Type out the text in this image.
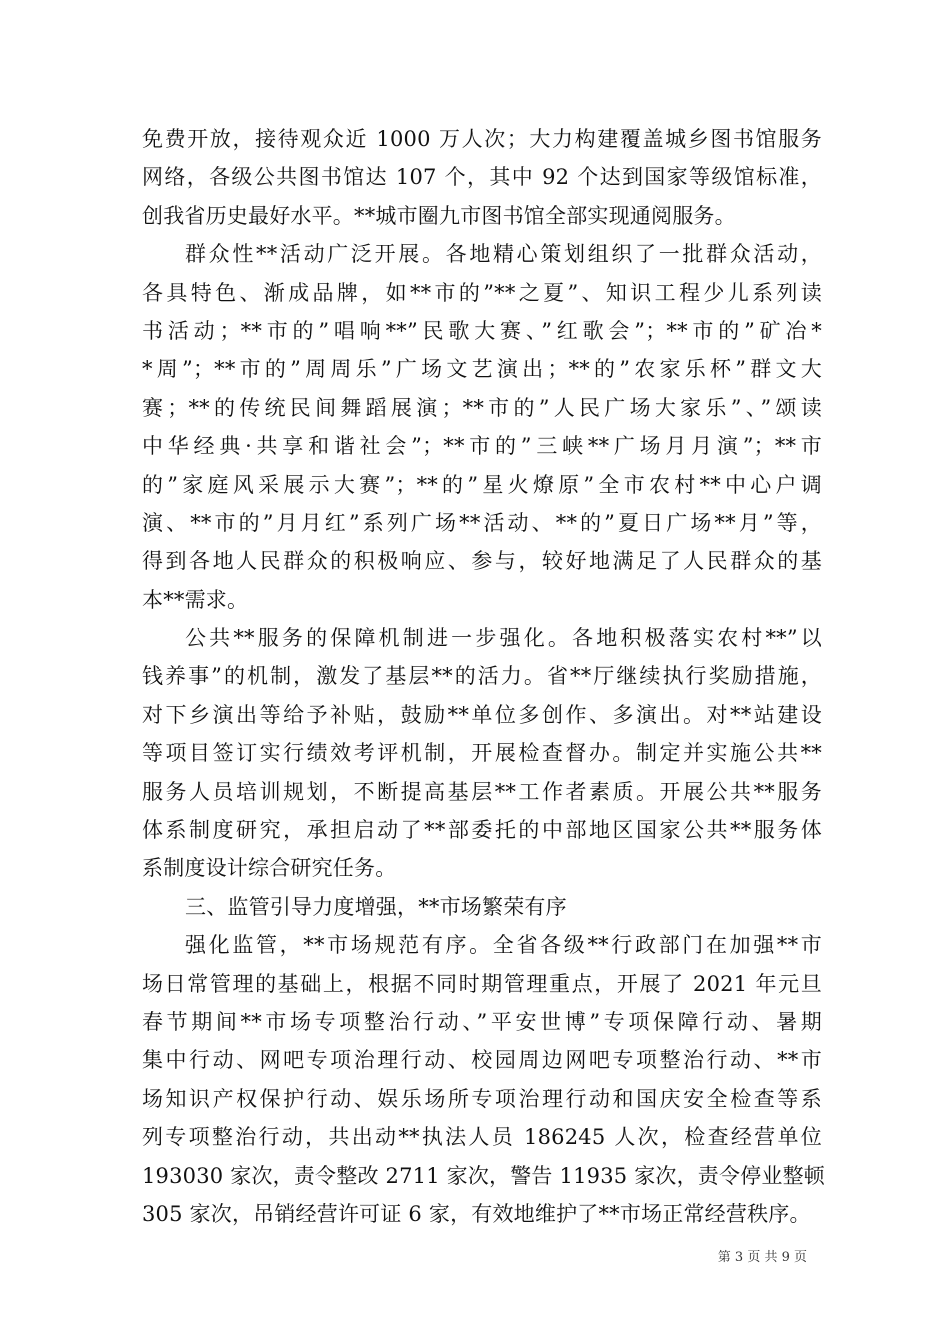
免费开放，接待观众近 1000 万人次；大力构建覆盖城乡图书馆服务
网络，各级公共图书馆达 107 个，其中 92 个达到国家等级馆标准，
创我省历史最好水平。**城市圈九市图书馆全部实现通阅服务。
群众性**活动广泛开展。各地精心策划组织了一批群众活动，
各具特色、渐成品牌，如**市的”**之夏”、知识工程少儿系列读
书活动；**市的”唱响**”民歌大赛、”红歌会”；**市的”矿冶*
*周”；**市的”周周乐”广场文艺演出；**的”农家乐杯”群文大
赛；**的传统民间舞蹈展演；**市的”人民广场大家乐”、”颂读
中华经典·共享和谐社会”；**市的”三峡**广场月月演”；**市
的”家庭风采展示大赛”；**的”星火燎原”全市农村**中心户调
演、**市的”月月红”系列广场**活动、**的”夏日广场**月”等，
得到各地人民群众的积极响应、参与，较好地满足了人民群众的基
本**需求。
公共**服务的保障机制进一步强化。各地积极落实农村**”以
钱养事”的机制，激发了基层**的活力。省**厅继续执行奖励措施，
对下乡演出等给予补贴，鼓励**单位多创作、多演出。对**站建设
等项目签订实行绩效考评机制，开展检查督办。制定并实施公共**
服务人员培训规划，不断提高基层**工作者素质。开展公共**服务
体系制度研究，承担启动了**部委托的中部地区国家公共**服务体
系制度设计综合研究任务。
三、监管引导力度增强，**市场繁荣有序
强化监管，**市场规范有序。全省各级**行政部门在加强**市
场日常管理的基础上，根据不同时期管理重点，开展了 2021 年元旦
春节期间**市场专项整治行动、”平安世博”专项保障行动、暑期
集中行动、网吧专项治理行动、校园周边网吧专项整治行动、**市
场知识产权保护行动、娱乐场所专项治理行动和国庆安全检查等系
列专项整治行动，共出动**执法人员 186245 人次，检查经营单位
193030 家次，责令整改 2711 家次，警告 11935 家次，责令停业整顿
305 家次，吊销经营许可证 6 家，有效地维护了**市场正常经营秩序。
第 3 页 共 9 页
